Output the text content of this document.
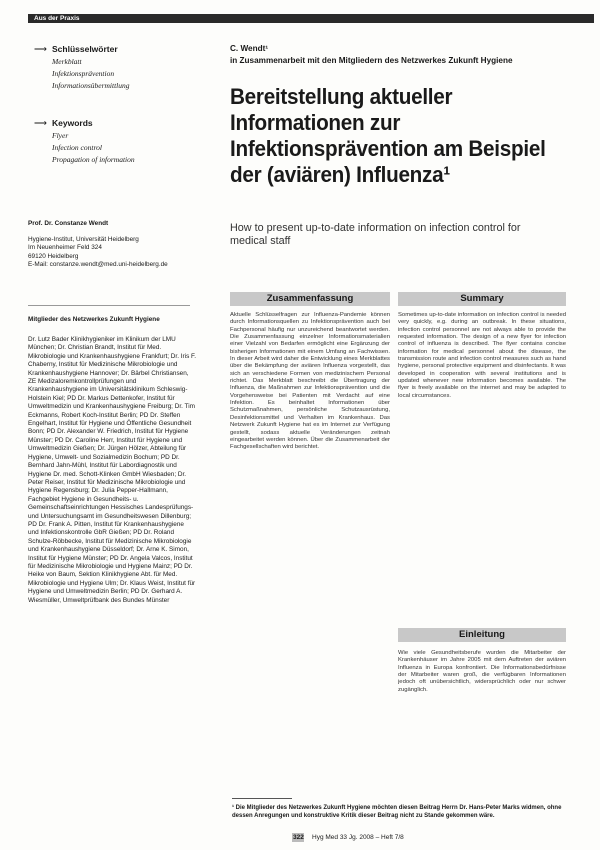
Aus der Praxis
⟶ Schlüsselwörter
Merkblatt
Infektionsprävention
Informationsübermittlung
⟶ Keywords
Flyer
Infection control
Propagation of information
Prof. Dr. Constanze Wendt
Hygiene-Institut, Universität Heidelberg
Im Neuenheimer Feld 324
69120 Heidelberg
E-Mail: constanze.wendt@med.uni-heidelberg.de
Mitglieder des Netzwerkes Zukunft Hygiene
Dr. Lutz Bader Klinikhygieniker im Klinikum der LMU München; Dr. Christian Brandt, Institut für Med. Mikrobiologie und Krankenhaushygiene Frankfurt; Dr. Iris F. Chaberny, Institut für Medizinische Mikrobiologie und Krankenhaushygiene Hannover; Dr. Bärbel Christiansen, ZE Medizaloremkontrollprüfungen und Krankenhaushygiene im Universitätsklinikum Schleswig-Holstein Kiel; PD Dr. Markus Dettenkofer, Institut für Umweltmedizin und Krankenhaushygiene Freiburg; Dr. Tim Eckmanns, Robert Koch-Institut Berlin; PD Dr. Steffen Engelhart, Institut für Hygiene und Öffentliche Gesundheit Bonn; PD Dr. Alexander W. Friedrich, Institut für Hygiene Münster; PD Dr. Caroline Herr, Institut für Hygiene und Umweltmedizin Gießen; Dr. Jürgen Hölzer, Abteilung für Hygiene, Umwelt- und Sozialmedizin Bochum; PD Dr. Bernhard Jahn-Mühl, Institut für Labordiagnostik und Hygiene Dr. med. Schott-Klinken GmbH Wiesbaden; Dr. Peter Reiser, Institut für Medizinische Mikrobiologie und Hygiene Regensburg; Dr. Julia Pepper-Hallmann, Fachgebiet Hygiene in Gesundheits- u. Gemeinschaftseinrichtungen Hessisches Landesprüfungs- und Untersuchungsamt im Gesundheitswesen Dillenburg; PD Dr. Frank A. Pitten, Institut für Krankenhaushygiene und Infektionskontrolle GbR Gießen; PD Dr. Roland Schulze-Röbbecke, Institut für Medizinische Mikrobiologie und Krankenhaushygiene Düsseldorf; Dr. Arne K. Simon, Institut für Hygiene Münster; PD Dr. Angela Valcos, Institut für Medizinische Mikrobiologie und Hygiene Mainz; PD Dr. Heike von Baum, Sektion Klinikhygiene Abt. für Med. Mikrobiologie und Hygiene Ulm; Dr. Klaus Weist, Institut für Hygiene und Umweltmedizin Berlin; PD Dr. Gerhard A. Wiesmüller, Umweltprüfbank des Bundes Münster
C. Wendt¹
in Zusammenarbeit mit den Mitgliedern des Netzwerkes Zukunft Hygiene
Bereitstellung aktueller Informationen zur Infektionsprävention am Beispiel der (aviären) Influenza¹
How to present up-to-date information on infection control for medical staff
Zusammenfassung	Summary
Aktuelle Schlüsselfragen zur Influenza-Pandemie können durch Informationsquellen zu Infektionsprävention auch bei Fachpersonal häufig nur unzureichend beantwortet werden. Die Zusammenfassung einzelner Informationsmaterialien einer Vielzahl von Bedarfen ermöglicht eine Ergänzung der bisherigen Informationen mit einem Umfang an Fachwissen. In dieser Arbeit wird daher die Entwicklung eines Merkblattes über die Bekämpfung der aviären Influenza vorgestellt, das sich an verschiedene Formen von medizinischem Personal richtet. Das Merkblatt beschreibt die Übertragung der Influenza, die Maßnahmen zur Infektionsprävention und die Vorgehensweise bei Patienten mit Verdacht auf eine Infektion. Es beinhaltet Informationen über Schutzmaßnahmen, persönliche Schutzausrüstung, Desinfektionsmittel und Verhalten im Krankenhaus. Das Netzwerk Zukunft Hygiene hat es im Internet zur Verfügung gestellt, sodass aktuelle Veränderungen zeitnah eingearbeitet werden können. Über die Zusammenarbeit der Fachgesellschaften wird berichtet.
Sometimes up-to-date information on infection control is needed very quickly, e.g. during an outbreak. In these situations, infection control personnel are not always able to provide the requested information. The design of a new flyer for infection control of influenza is described. The flyer contains concise information for medical personnel about the disease, the transmission route and infection control measures such as hand hygiene, personal protective equipment and disinfectants. It was developed in cooperation with several institutions and is updated whenever new information becomes available. The flyer is freely available on the internet and may be adapted to local circumstances.
Einleitung
Wie viele Gesundheitsberufe wurden die Mitarbeiter der Krankenhäuser im Jahre 2005 mit dem Auftreten der aviären Influenza in Europa konfrontiert. Die Informationsbedürfnisse der Mitarbeiter waren groß, die verfügbaren Informationen jedoch oft unübersichtlich, widersprüchlich oder nur schwer zugänglich.
¹ Die Mitglieder des Netzwerkes Zukunft Hygiene möchten diesen Beitrag Herrn Dr. Hans-Peter Marks widmen, ohne dessen Anregungen und konstruktive Kritik dieser Beitrag nicht zu Stande gekommen wäre.
322 Hyg Med 33 Jg. 2008 – Heft 7/8
